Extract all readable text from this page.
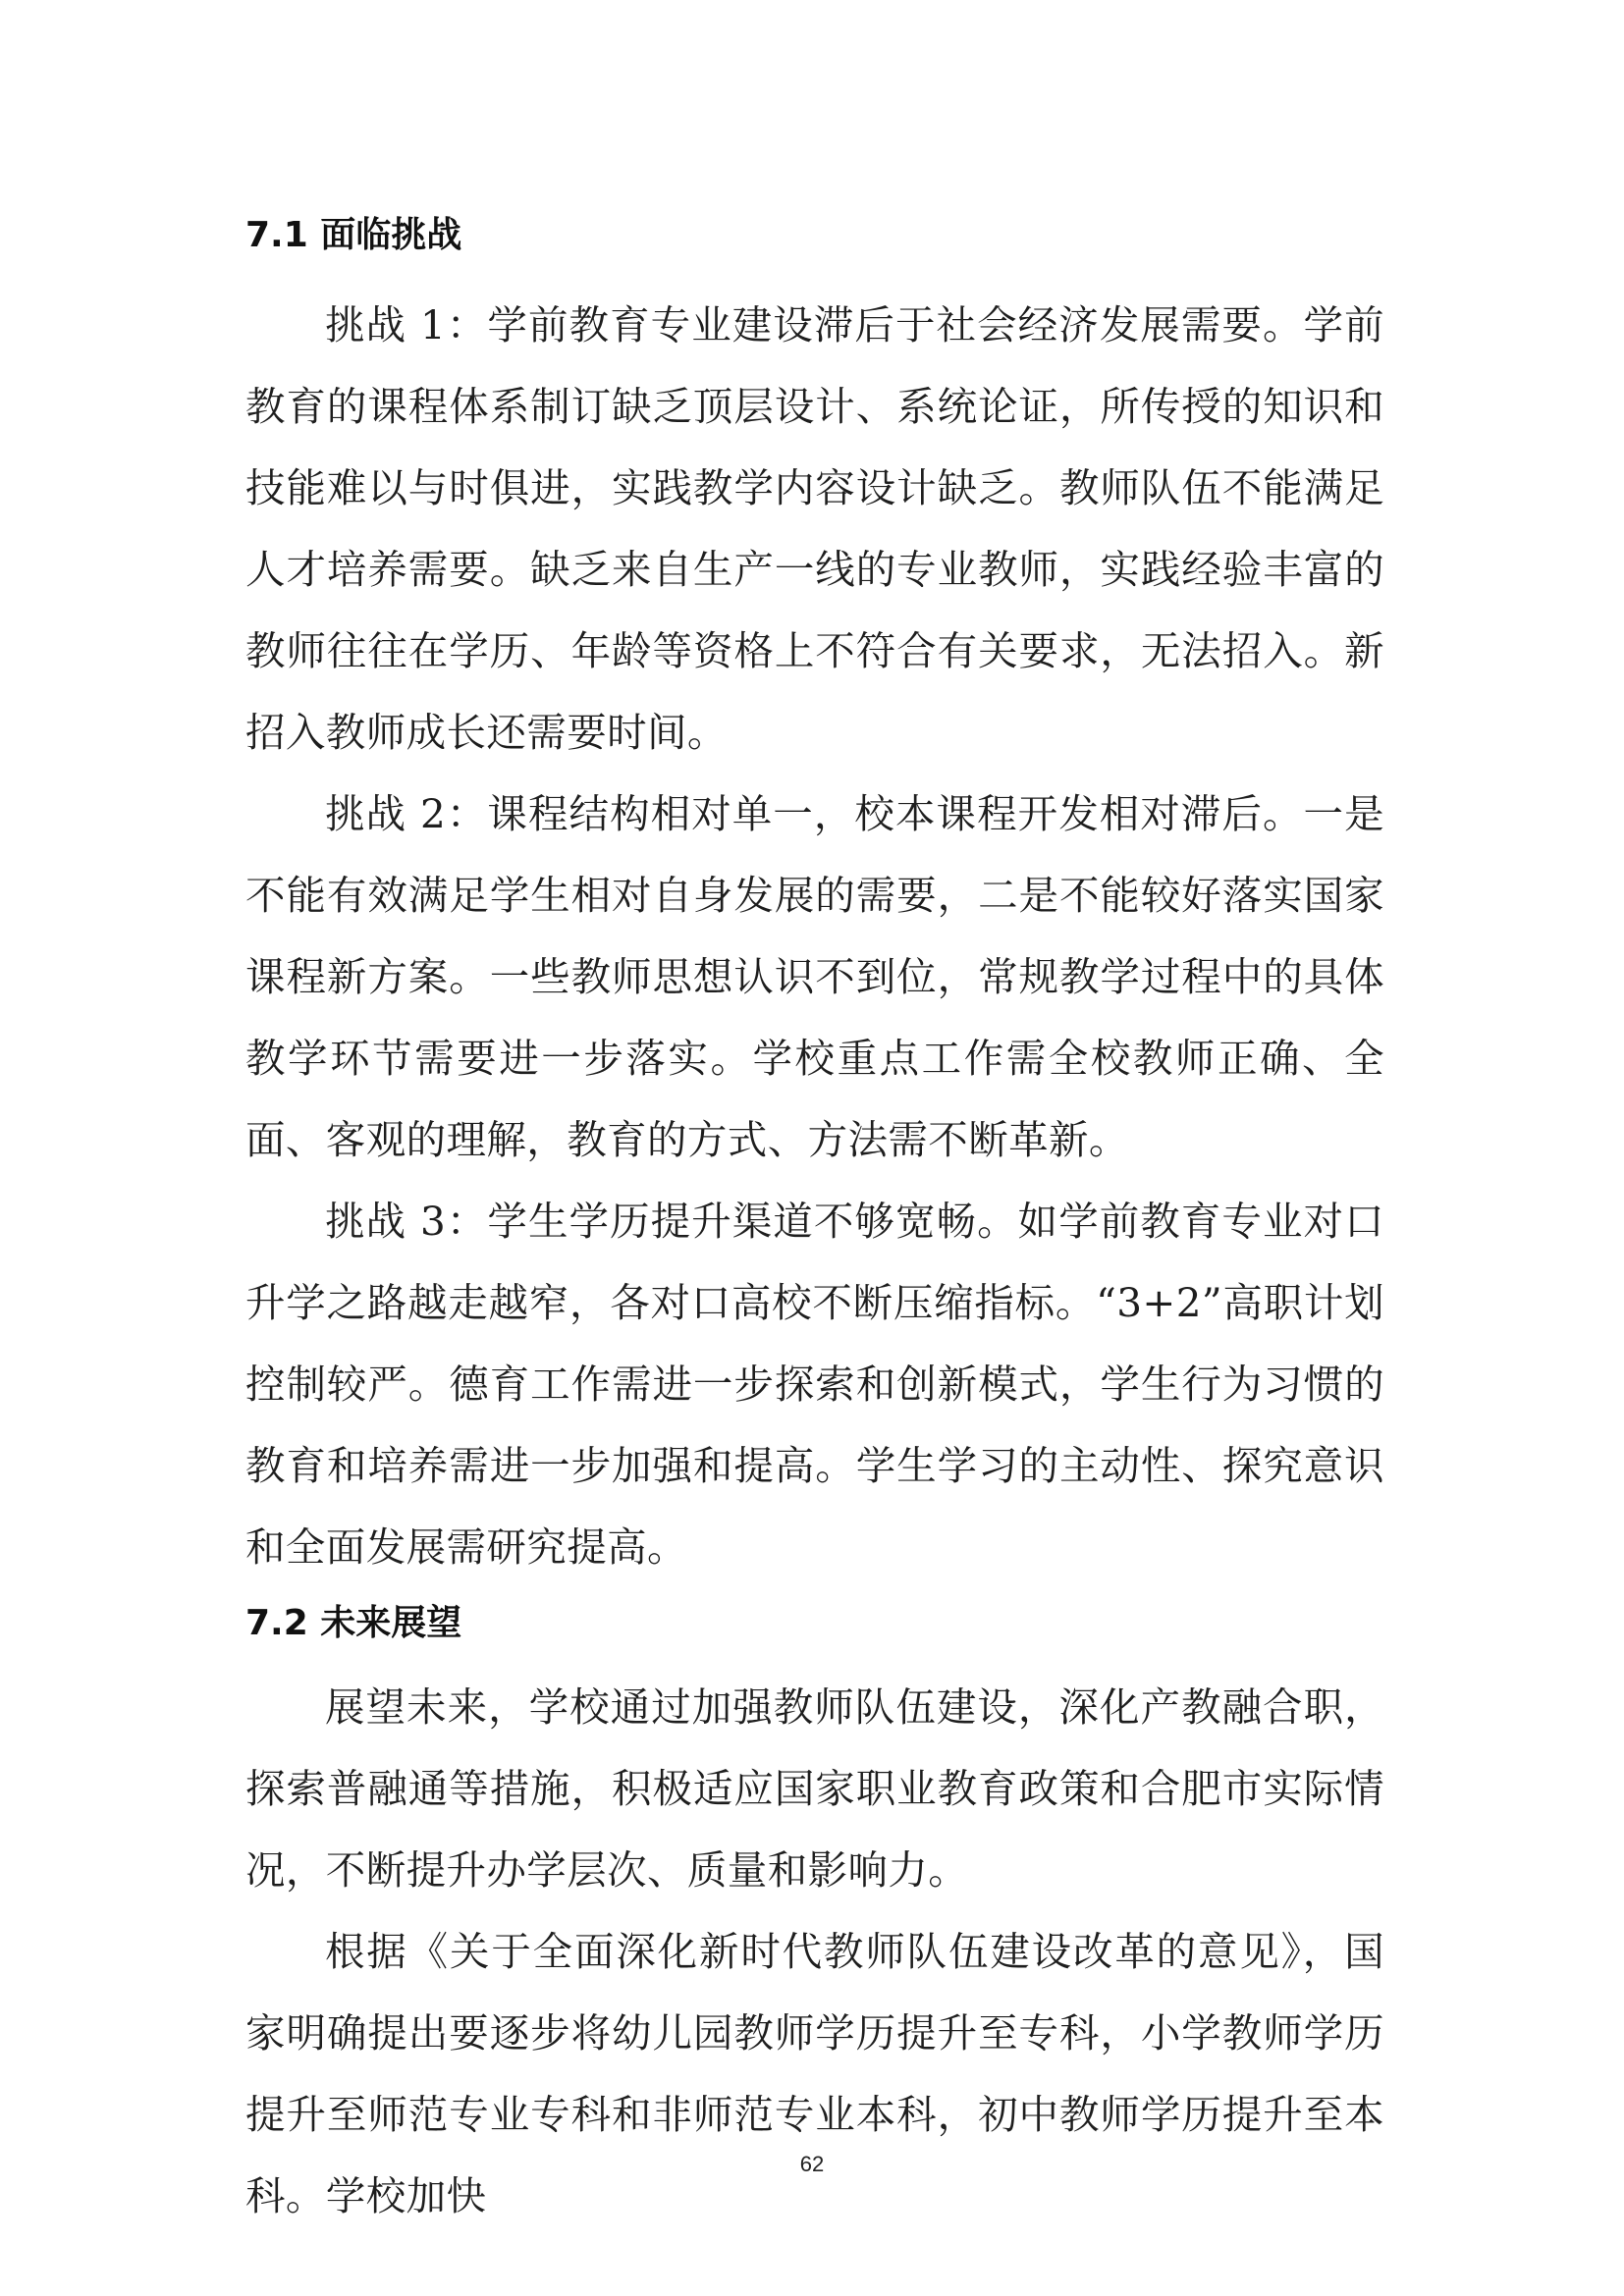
7.1 面临挑战

挑战 1：学前教育专业建设滞后于社会经济发展需要。学前教育的课程体系制订缺乏顶层设计、系统论证，所传授的知识和技能难以与时俱进，实践教学内容设计缺乏。教师队伍不能满足人才培养需要。缺乏来自生产一线的专业教师，实践经验丰富的教师往往在学历、年龄等资格上不符合有关要求，无法招入。新招入教师成长还需要时间。

挑战 2：课程结构相对单一，校本课程开发相对滞后。一是不能有效满足学生相对自身发展的需要，二是不能较好落实国家课程新方案。一些教师思想认识不到位，常规教学过程中的具体教学环节需要进一步落实。学校重点工作需全校教师正确、全面、客观的理解，教育的方式、方法需不断革新。

挑战 3：学生学历提升渠道不够宽畅。如学前教育专业对口升学之路越走越窄，各对口高校不断压缩指标。“3+2”高职计划控制较严。德育工作需进一步探索和创新模式，学生行为习惯的教育和培养需进一步加强和提高。学生学习的主动性、探究意识和全面发展需研究提高。

7.2 未来展望

展望未来，学校通过加强教师队伍建设，深化产教融合职，探索普融通等措施，积极适应国家职业教育政策和合肥市实际情况，不断提升办学层次、质量和影响力。

根据《关于全面深化新时代教师队伍建设改革的意见》，国家明确提出要逐步将幼儿园教师学历提升至专科，小学教师学历提升至师范专业专科和非师范专业本科，初中教师学历提升至本科。学校加快

62
